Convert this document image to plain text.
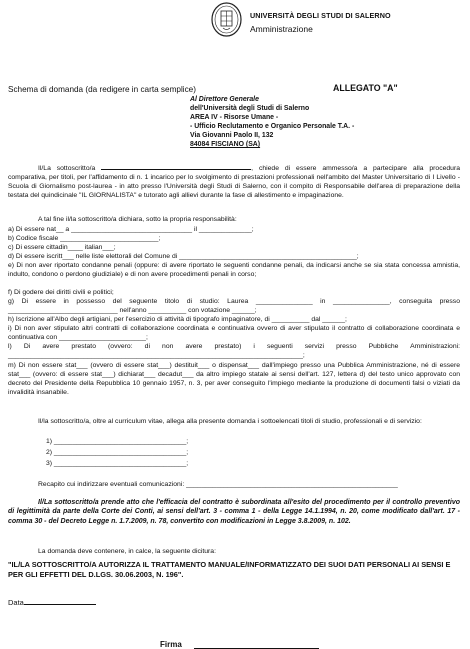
UNIVERSITÀ DEGLI STUDI DI SALERNO
Amministrazione
Schema di domanda (da redigere in carta semplice)	ALLEGATO "A"
Al Direttore Generale
dell'Università degli Studi di Salerno
AREA IV - Risorse Umane -
- Ufficio Reclutamento e Organico Personale T.A. -
Via Giovanni Paolo II, 132
84084 FISCIANO (SA)
Il/La sottoscritto/a	, chiede di essere ammesso/a a partecipare alla procedura comparativa, per titoli, per l'affidamento di n. 1 incarico per lo svolgimento di prestazioni professionali nell'ambito del Master Universitario di I Livello - Scuola di Giornalismo post-laurea - in atto presso l'Università degli Studi di Salerno, con il compito di Responsabile dell'area di preparazione della testata del quindicinale "IL GIORNALISTA" e tutorato agli allievi durante la fase di allestimento e impaginazione.
A tal fine il/la sottoscritto/a dichiara, sotto la propria responsabilità:
a) Di essere nat__ a ________________________________ il ______________;
b) Codice fiscale __________________________;
c) Di essere cittadin____ italian___;
d) Di essere iscritt___ nelle liste elettorali del Comune di _______________________________________________;
e) Di non aver riportato condanne penali (oppure: di avere riportato le seguenti condanne penali, da indicarsi anche se sia stata concessa amnistia, indulto, condono o perdono giudiziale) e di non avere procedimenti penali in corso;
f) Di godere dei diritti civili e politici;
g) Di essere in possesso del seguente titolo di studio: Laurea _______________ in _______________, conseguita presso _____________________________ nell'anno __________ con votazione ______;
h) Iscrizione all'Albo degli artigiani, per l'esercizio di attività di tipografo impaginatore, di __________ dal ______;
i) Di non aver stipulato altri contratti di collaborazione coordinata e continuativa ovvero di aver stipulato il contratto di collaborazione coordinata e continuativa con _______________________;
l) Di avere prestato (ovvero: di non avere prestato) i seguenti servizi presso Pubbliche Amministrazioni: ______________________________________________________________________________;
m) Di non essere stat___ (ovvero di essere stat___) destituit___ o dispensat___ dall'impiego presso una Pubblica Amministrazione, né di essere stat___ (ovvero: di essere stat___) dichiarat___ decadut___ da altro impiego statale ai sensi dell'art. 127, lettera d) del testo unico approvato con decreto del Presidente della Repubblica 10 gennaio 1957, n. 3, per aver conseguito l'impiego mediante la produzione di documenti falsi o viziati da invalidità insanabile.
Il/la sottoscritto/a, oltre al curriculum vitae, allega alla presente domanda i sottoelencati titoli di studio, professionali e di servizio:
1) ___________________________________;
2) ___________________________________;
3) ___________________________________;
Recapito cui indirizzare eventuali comunicazioni: ________________________________________________________
Il/La sottoscritto/a prende atto che l'efficacia del contratto è subordinata all'esito del procedimento per il controllo preventivo di legittimità da parte della Corte dei Conti, ai sensi dell'art. 3 - comma 1 - della Legge 14.1.1994, n. 20, come modificato dall'art. 17 - comma 30 - del Decreto Legge n. 1.7.2009, n. 78, convertito con modificazioni in Legge 3.8.2009, n. 102.
La domanda deve contenere, in calce, la seguente dicitura:
"IL/LA SOTTOSCRITTO/A AUTORIZZA IL TRATTAMENTO MANUALE/INFORMATIZZATO DEI SUOI DATI PERSONALI AI SENSI E PER GLI EFFETTI DEL D.LGS. 30.06.2003, N. 196".
Data
Firma
